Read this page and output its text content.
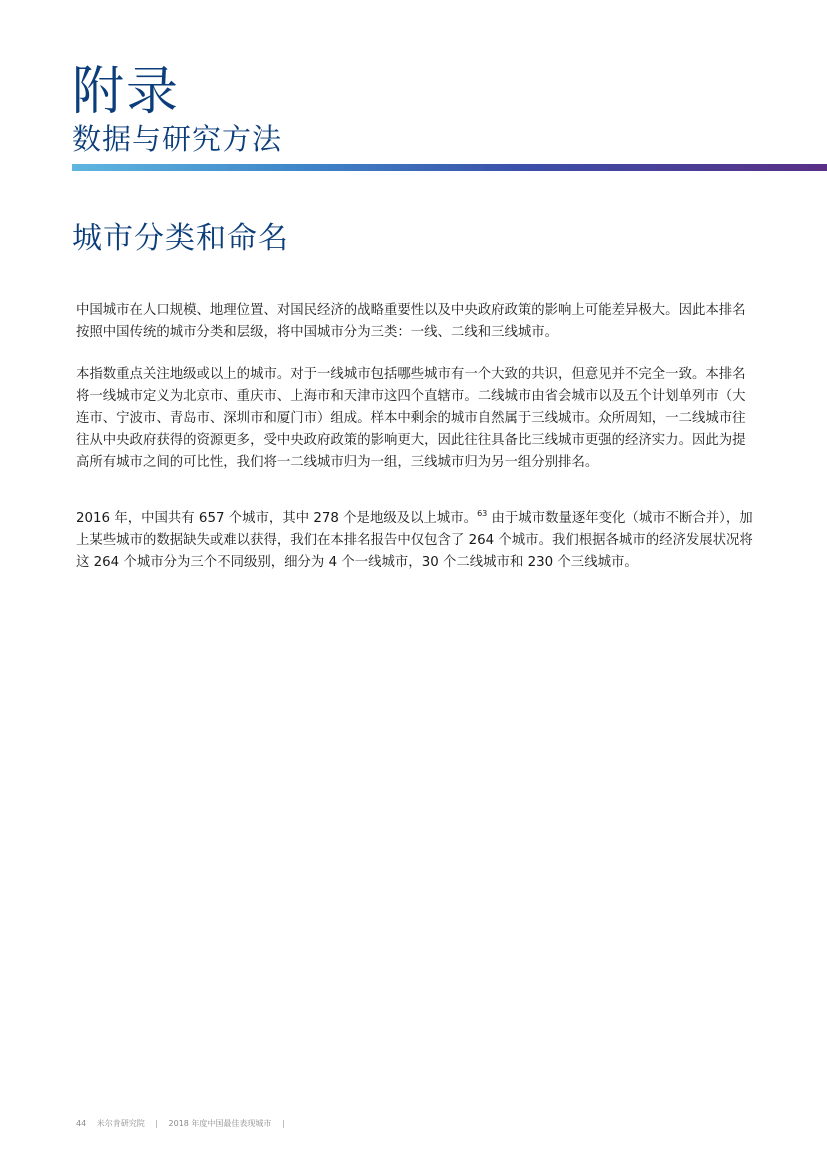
附录
数据与研究方法
城市分类和命名

中国城市在人口规模、地理位置、对国民经济的战略重要性以及中央政府政策的影响上可能差异极大。因此本排名按照中国传统的城市分类和层级，将中国城市分为三类：一线、二线和三线城市。

本指数重点关注地级或以上的城市。对于一线城市包括哪些城市有一个大致的共识，但意见并不完全一致。本排名将一线城市定义为北京市、重庆市、上海市和天津市这四个直辖市。二线城市由省会城市以及五个计划单列市（大连市、宁波市、青岛市、深圳市和厦门市）组成。样本中剩余的城市自然属于三线城市。众所周知，一二线城市往往从中央政府获得的资源更多，受中央政府政策的影响更大，因此往往具备比三线城市更强的经济实力。因此为提高所有城市之间的可比性，我们将一二线城市归为一组，三线城市归为另一组分别排名。

2016 年，中国共有 657 个城市，其中 278 个是地级及以上城市。$^{63}$ 由于城市数量逐年变化（城市不断合并），加上某些城市的数据缺失或难以获得，我们在本排名报告中仅包含了 264 个城市。我们根据各城市的经济发展状况将这 264 个城市分为三个不同级别，细分为 4 个一线城市，30 个二线城市和 230 个三线城市。

44 米尔肯研究院 | 2018 年度中国最佳表现城市 |
